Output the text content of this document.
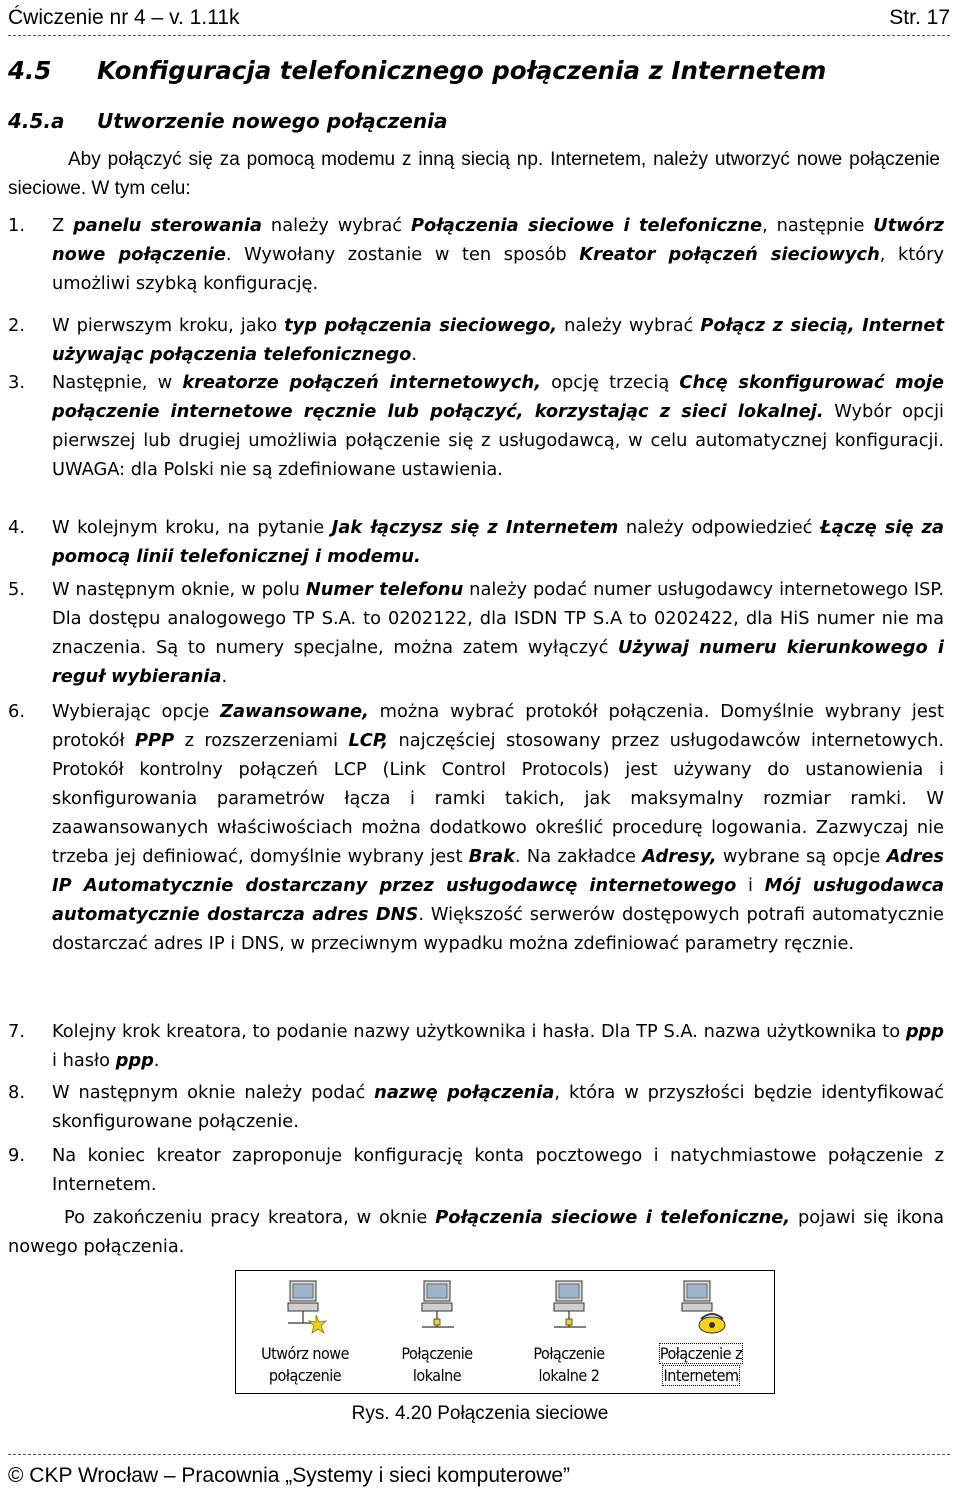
Ćwiczenie nr 4 – v. 1.11k	Str. 17
4.5 Konfiguracja telefonicznego połączenia z Internetem
4.5.a Utworzenie nowego połączenia
Aby połączyć się za pomocą modemu z inną siecią np. Internetem, należy utworzyć nowe połączenie sieciowe. W tym celu:
1. Z panelu sterowania należy wybrać Połączenia sieciowe i telefoniczne, następnie Utwórz nowe połączenie. Wywołany zostanie w ten sposób Kreator połączeń sieciowych, który umożliwi szybką konfigurację.
2. W pierwszym kroku, jako typ połączenia sieciowego, należy wybrać Połącz z siecią, Internet używając połączenia telefonicznego.
3. Następnie, w kreatorze połączeń internetowych, opcję trzecią Chcę skonfigurować moje połączenie internetowe ręcznie lub połączyć, korzystając z sieci lokalnej. Wybór opcji pierwszej lub drugiej umożliwia połączenie się z usługodawcą, w celu automatycznej konfiguracji. UWAGA: dla Polski nie są zdefiniowane ustawienia.
4. W kolejnym kroku, na pytanie Jak łączysz się z Internetem należy odpowiedzieć Łączę się za pomocą linii telefonicznej i modemu.
5. W następnym oknie, w polu Numer telefonu należy podać numer usługodawcy internetowego ISP. Dla dostępu analogowego TP S.A. to 0202122, dla ISDN TP S.A to 0202422, dla HiS numer nie ma znaczenia. Są to numery specjalne, można zatem wyłączyć Używaj numeru kierunkowego i reguł wybierania.
6. Wybierając opcje Zawansowane, można wybrać protokół połączenia. Domyślnie wybrany jest protokół PPP z rozszerzeniami LCP, najczęściej stosowany przez usługodawców internetowych. Protokół kontrolny połączeń LCP (Link Control Protocols) jest używany do ustanowienia i skonfigurowania parametrów łącza i ramki takich, jak maksymalny rozmiar ramki. W zaawansowanych właściwościach można dodatkowo określić procedurę logowania. Zazwyczaj nie trzeba jej definiować, domyślnie wybrany jest Brak. Na zakładce Adresy, wybrane są opcje Adres IP Automatycznie dostarczany przez usługodawcę internetowego i Mój usługodawca automatycznie dostarcza adres DNS. Większość serwerów dostępowych potrafi automatycznie dostarczać adres IP i DNS, w przeciwnym wypadku można zdefiniować parametry ręcznie.
7. Kolejny krok kreatora, to podanie nazwy użytkownika i hasła. Dla TP S.A. nazwa użytkownika to ppp i hasło ppp.
8. W następnym oknie należy podać nazwę połączenia, która w przyszłości będzie identyfikować skonfigurowane połączenie.
9. Na koniec kreator zaproponuje konfigurację konta pocztowego i natychmiastowe połączenie z Internetem.
Po zakończeniu pracy kreatora, w oknie Połączenia sieciowe i telefoniczne, pojawi się ikona nowego połączenia.
Utwórz nowe
połączenie
Połączenie
lokalne
Połączenie
lokalne 2
Połączenie z
Internetem
Rys. 4.20 Połączenia sieciowe
© CKP Wrocław – Pracownia „Systemy i sieci komputerowe”
